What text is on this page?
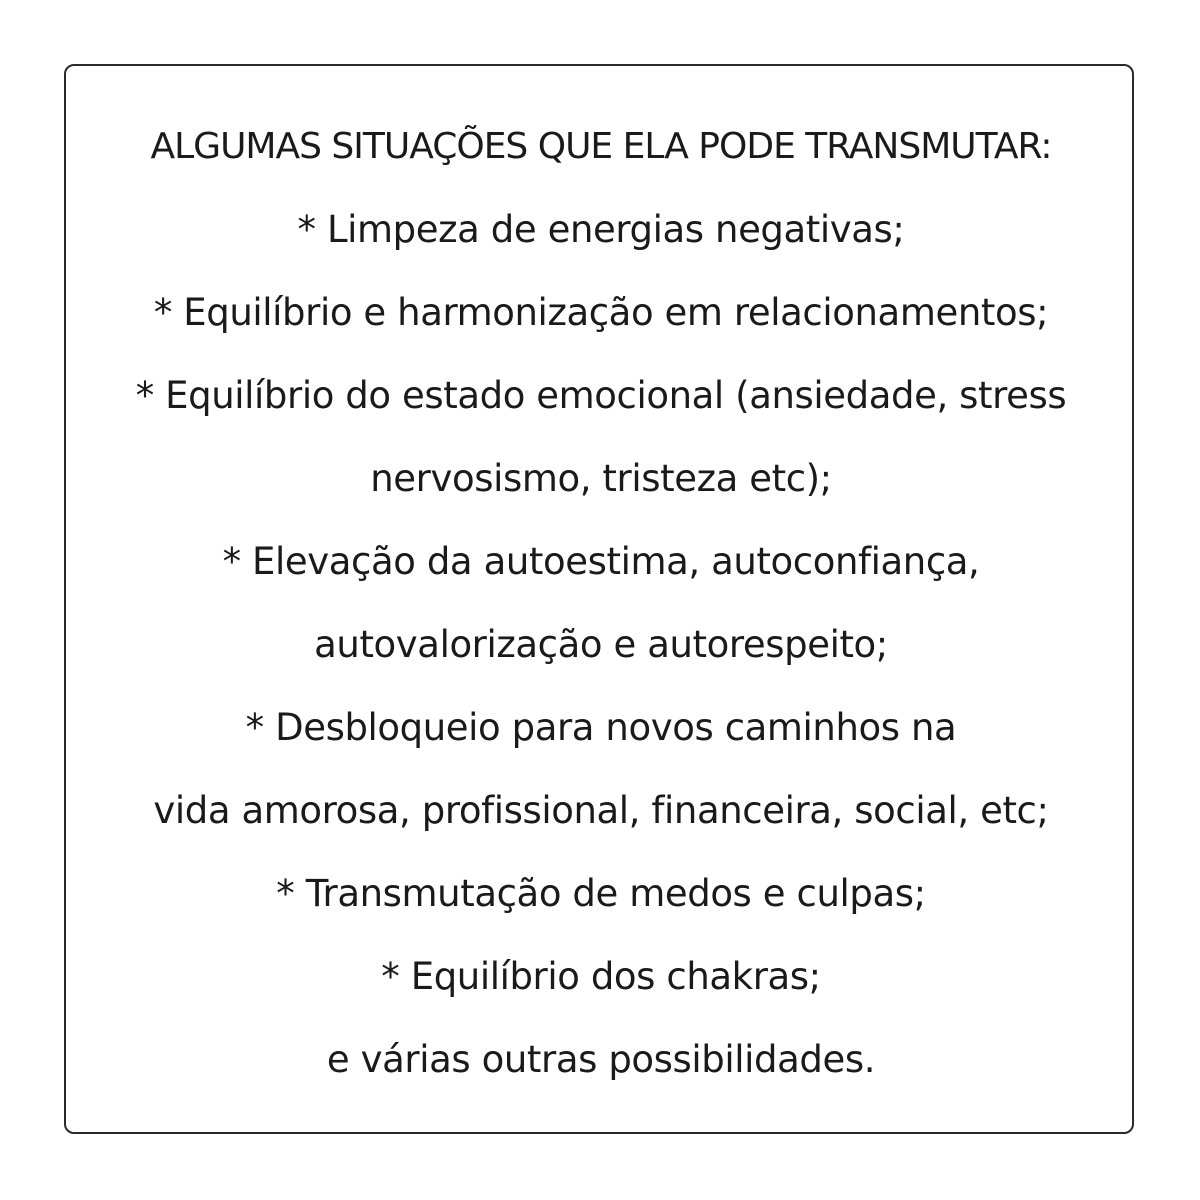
ALGUMAS SITUAÇÕES QUE ELA PODE TRANSMUTAR:
* Limpeza de energias negativas;
* Equilíbrio e harmonização em relacionamentos;
* Equilíbrio do estado emocional (ansiedade, stress
nervosismo, tristeza etc);
* Elevação da autoestima, autoconfiança,
autovalorização e autorespeito;
* Desbloqueio para novos caminhos na
vida amorosa, profissional, financeira, social, etc;
* Transmutação de medos e culpas;
* Equilíbrio dos chakras;
e várias outras possibilidades.
